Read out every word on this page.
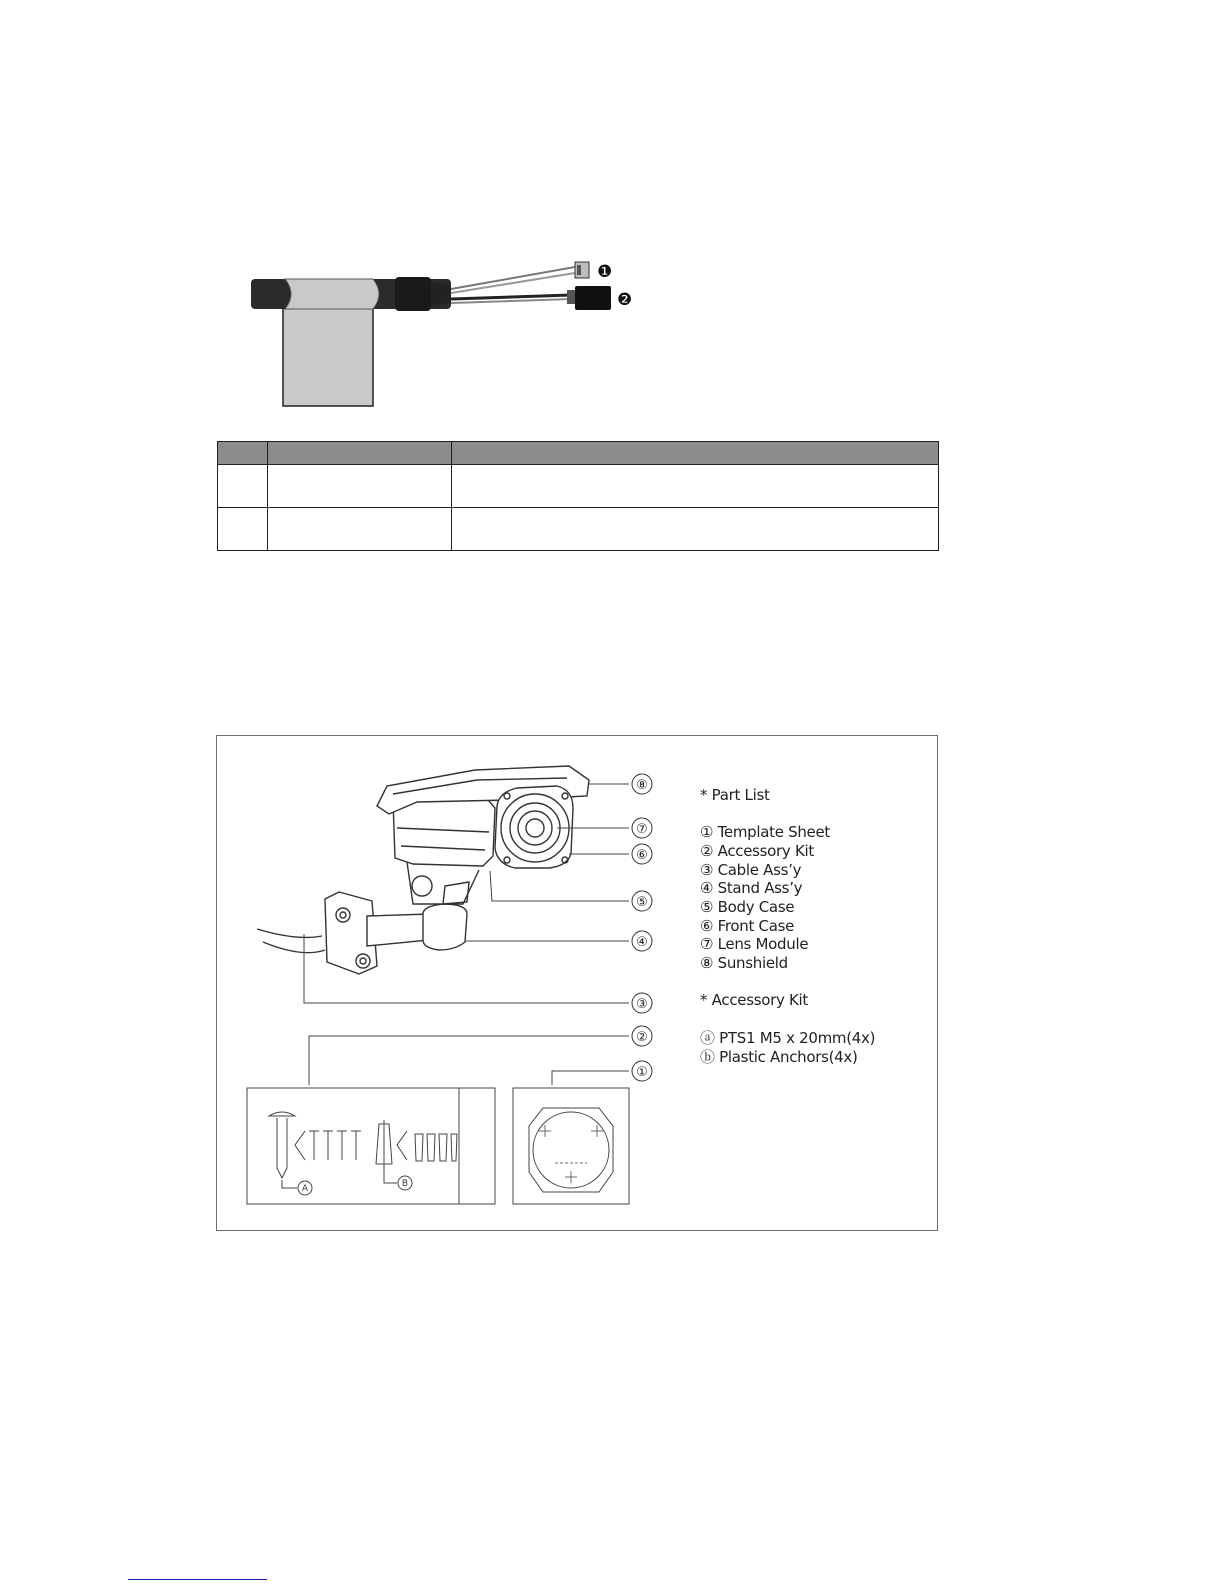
❶
❷

⑧
⑦
⑥
⑤
④
③
②
①
A	B
* Part List
① Template Sheet
② Accessory Kit
③ Cable Ass’y
④ Stand Ass’y
⑤ Body Case
⑥ Front Case
⑦ Lens Module
⑧ Sunshield
* Accessory Kit
ⓐ PTS1 M5 x 20mm(4x)
ⓑ Plastic Anchors(4x)
